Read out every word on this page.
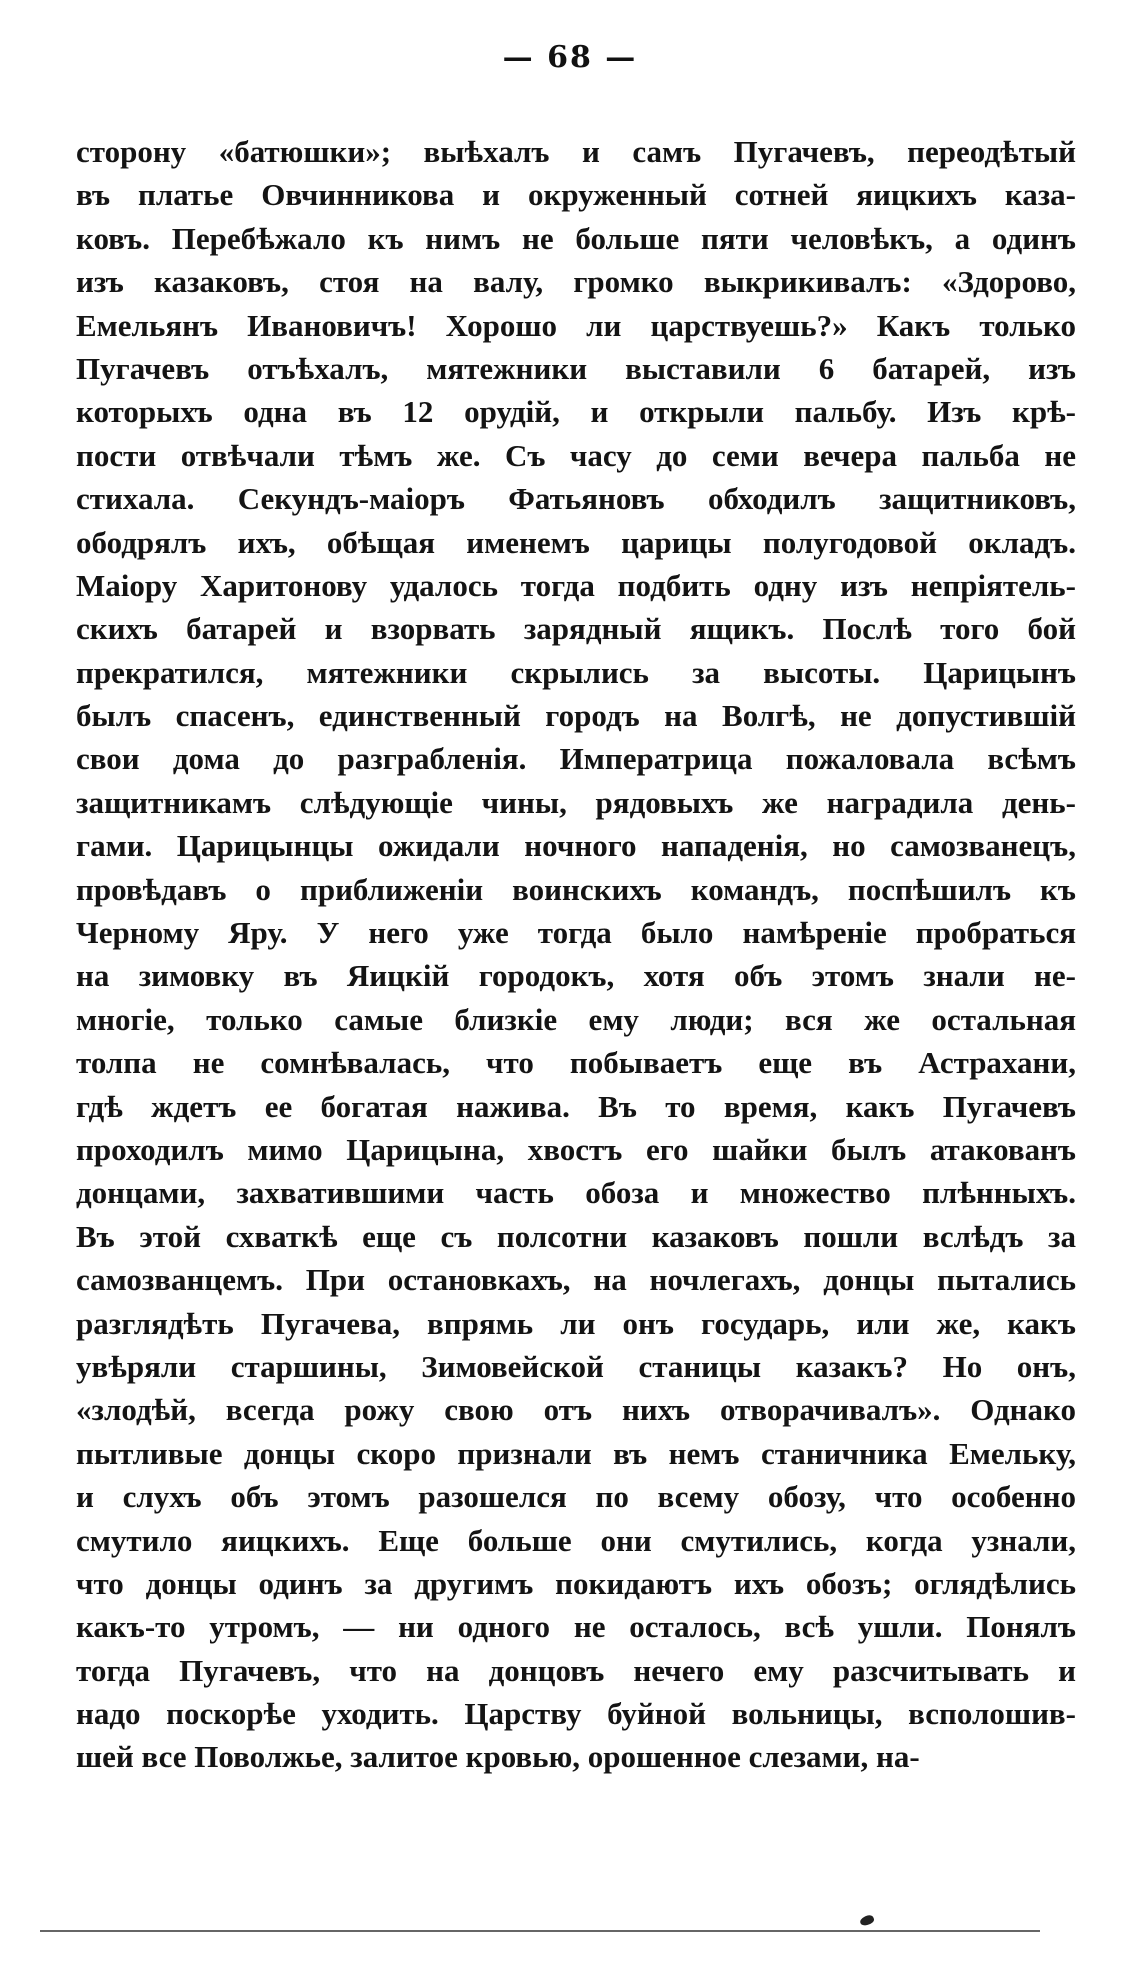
— 68 —
сторону «батюшки»; выѣхалъ и самъ Пугачевъ, переодѣтый
въ платье Овчинникова и окруженный сотней яицкихъ каза-
ковъ. Перебѣжало къ нимъ не больше пяти человѣкъ, а одинъ
изъ казаковъ, стоя на валу, громко выкрикивалъ: «Здорово,
Емельянъ Ивановичъ! Хорошо ли царствуешь?» Какъ только
Пугачевъ отъѣхалъ, мятежники выставили 6 батарей, изъ
которыхъ одна въ 12 орудій, и открыли пальбу. Изъ крѣ-
пости отвѣчали тѣмъ же. Съ часу до семи вечера пальба не
стихала. Секундъ-маіоръ Фатьяновъ обходилъ защитниковъ,
ободрялъ ихъ, обѣщая именемъ царицы полугодовой окладъ.
Маіору Харитонову удалось тогда подбить одну изъ непріятель-
скихъ батарей и взорвать зарядный ящикъ. Послѣ того бой
прекратился, мятежники скрылись за высоты. Царицынъ
былъ спасенъ, единственный городъ на Волгѣ, не допустившій
свои дома до разграбленія. Императрица пожаловала всѣмъ
защитникамъ слѣдующіе чины, рядовыхъ же наградила день-
гами. Царицынцы ожидали ночного нападенія, но самозванецъ,
провѣдавъ о приближеніи воинскихъ командъ, поспѣшилъ къ
Черному Яру. У него уже тогда было намѣреніе пробраться
на зимовку въ Яицкій городокъ, хотя объ этомъ знали не-
многіе, только самые близкіе ему люди; вся же остальная
толпа не сомнѣвалась, что побываетъ еще въ Астрахани,
гдѣ ждетъ ее богатая нажива. Въ то время, какъ Пугачевъ
проходилъ мимо Царицына, хвостъ его шайки былъ атакованъ
донцами, захватившими часть обоза и множество плѣнныхъ.
Въ этой схваткѣ еще съ полсотни казаковъ пошли вслѣдъ за
самозванцемъ. При остановкахъ, на ночлегахъ, донцы пытались
разглядѣть Пугачева, впрямь ли онъ государь, или же, какъ
увѣряли старшины, Зимовейской станицы казакъ? Но онъ,
«злодѣй, всегда рожу свою отъ нихъ отворачивалъ». Однако
пытливые донцы скоро признали въ немъ станичника Емельку,
и слухъ объ этомъ разошелся по всему обозу, что особенно
смутило яицкихъ. Еще больше они смутились, когда узнали,
что донцы одинъ за другимъ покидаютъ ихъ обозъ; оглядѣлись
какъ-то утромъ, — ни одного не осталось, всѣ ушли. Понялъ
тогда Пугачевъ, что на донцовъ нечего ему разсчитывать и
надо поскорѣе уходить. Царству буйной вольницы, всполошив-
шей все Поволжье, залитое кровью, орошенное слезами, на-
